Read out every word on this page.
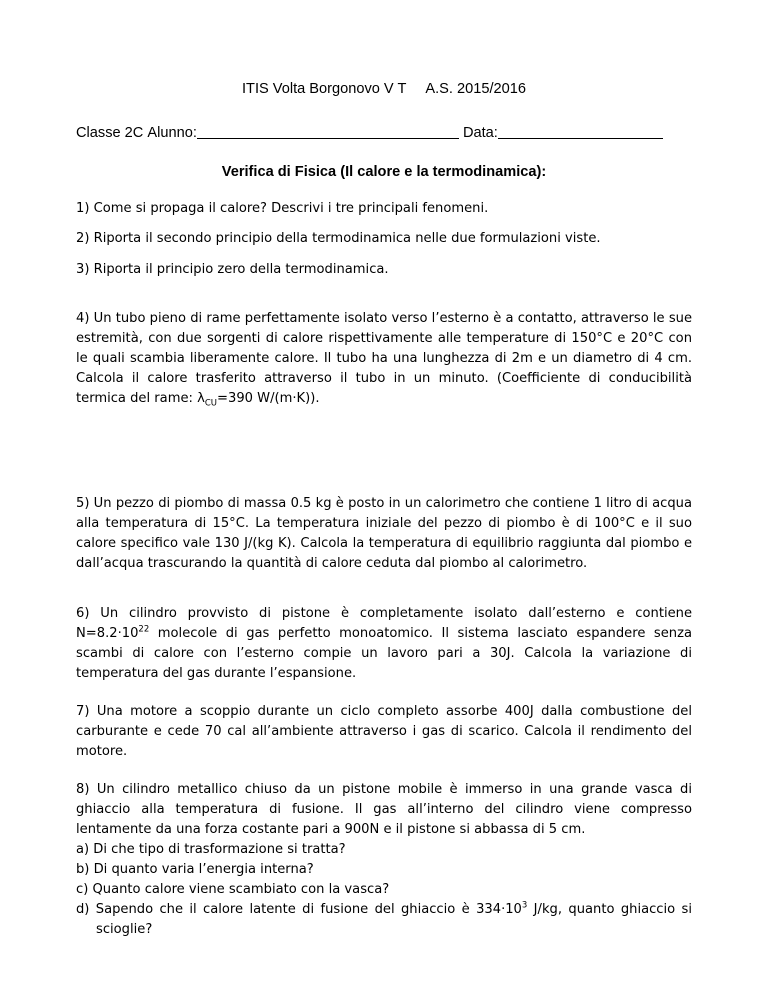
ITIS Volta Borgonovo V T A.S. 2015/2016
Classe 2C Alunno:	Data:
Verifica di Fisica (Il calore e la termodinamica):
1) Come si propaga il calore? Descrivi i tre principali fenomeni.
2) Riporta il secondo principio della termodinamica nelle due formulazioni viste.
3) Riporta il principio zero della termodinamica.
4) Un tubo pieno di rame perfettamente isolato verso l’esterno è a contatto, attraverso le sue estremità, con due sorgenti di calore rispettivamente alle temperature di 150°C e 20°C con le quali scambia liberamente calore. Il tubo ha una lunghezza di 2m e un diametro di 4 cm. Calcola il calore trasferito attraverso il tubo in un minuto. (Coefficiente di conducibilità termica del rame: $\lambda_{CU}=390$ W/(m·K)).
5) Un pezzo di piombo di massa 0.5 kg è posto in un calorimetro che contiene 1 litro di acqua alla temperatura di 15°C. La temperatura iniziale del pezzo di piombo è di 100°C e il suo calore specifico vale 130 J/(kg K). Calcola la temperatura di equilibrio raggiunta dal piombo e dall’acqua trascurando la quantità di calore ceduta dal piombo al calorimetro.
6) Un cilindro provvisto di pistone è completamente isolato dall’esterno e contiene $N=8.2\cdot 10^{22}$ molecole di gas perfetto monoatomico. Il sistema lasciato espandere senza scambi di calore con l’esterno compie un lavoro pari a 30J. Calcola la variazione di temperatura del gas durante l’espansione.
7) Una motore a scoppio durante un ciclo completo assorbe 400J dalla combustione del carburante e cede 70 cal all’ambiente attraverso i gas di scarico. Calcola il rendimento del motore.

8) Un cilindro metallico chiuso da un pistone mobile è immerso in una grande vasca di ghiaccio alla temperatura di fusione. Il gas all’interno del cilindro viene compresso lentamente da una forza costante pari a 900N e il pistone si abbassa di 5 cm.

a) Di che tipo di trasformazione si tratta?

b) Di quanto varia l’energia interna?

c) Quanto calore viene scambiato con la vasca?

d) Sapendo che il calore latente di fusione del ghiaccio è $334\cdot 10^3$ J/kg, quanto ghiaccio si scioglie?
